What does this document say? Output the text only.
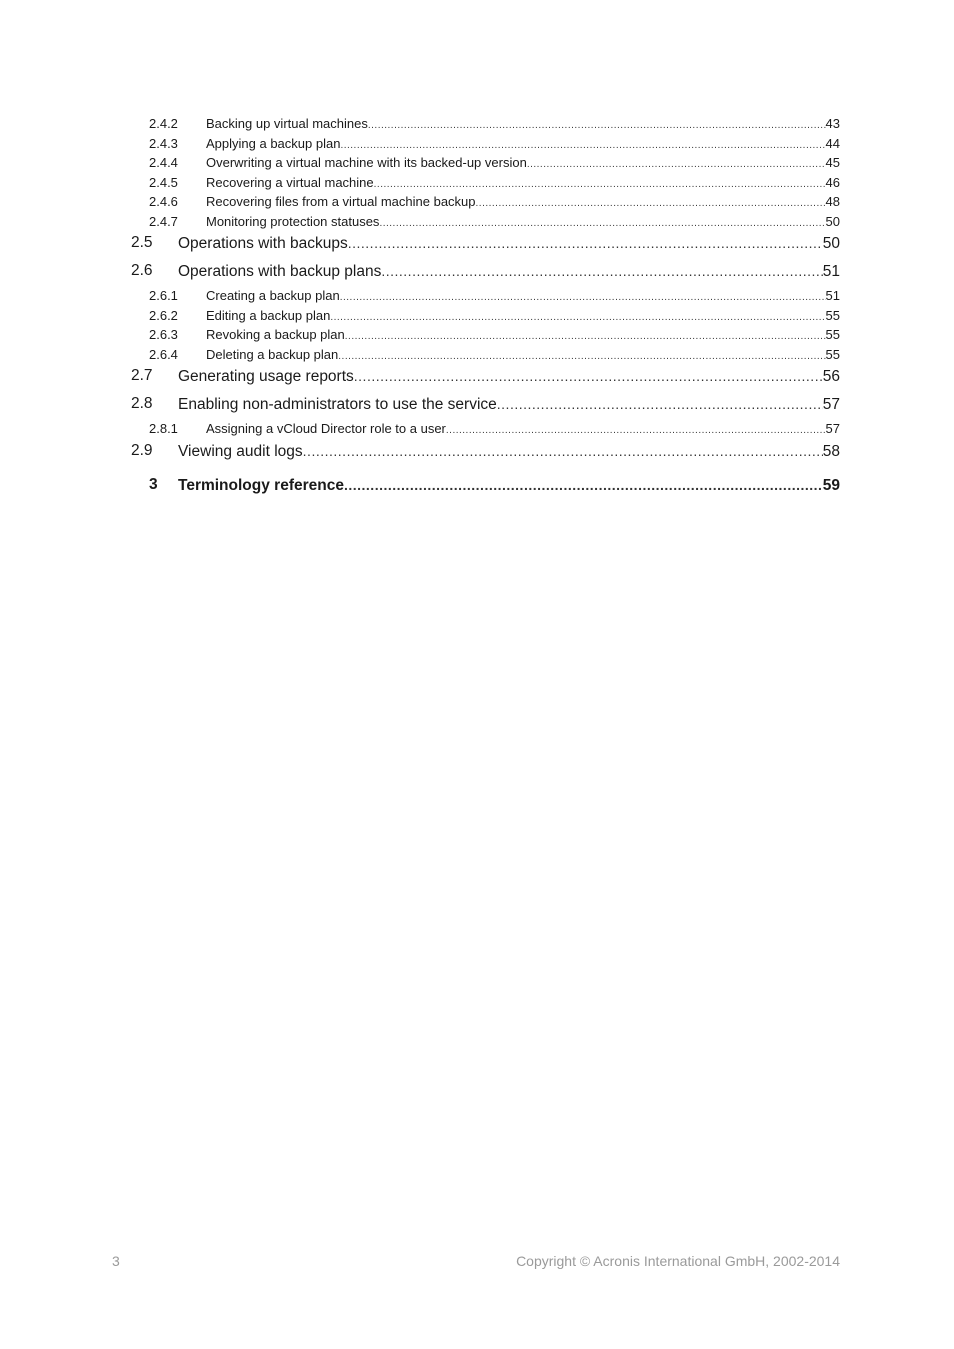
2.4.2 Backing up virtual machines .....	43
2.4.3 Applying a backup plan .....	44
2.4.4 Overwriting a virtual machine with its backed-up version .....	45
2.4.5 Recovering a virtual machine .....	46
2.4.6 Recovering files from a virtual machine backup .....	48
2.4.7 Monitoring protection statuses .....	50
2.5 Operations with backups .....	50
2.6 Operations with backup plans .....	51
2.6.1 Creating a backup plan .....	51
2.6.2 Editing a backup plan .....	55
2.6.3 Revoking a backup plan .....	55
2.6.4 Deleting a backup plan .....	55
2.7 Generating usage reports .....	56
2.8 Enabling non-administrators to use the service .....	57
2.8.1 Assigning a vCloud Director role to a user .....	57
2.9 Viewing audit logs .....	58
3 Terminology reference .....	59
3	Copyright © Acronis International GmbH, 2002-2014
